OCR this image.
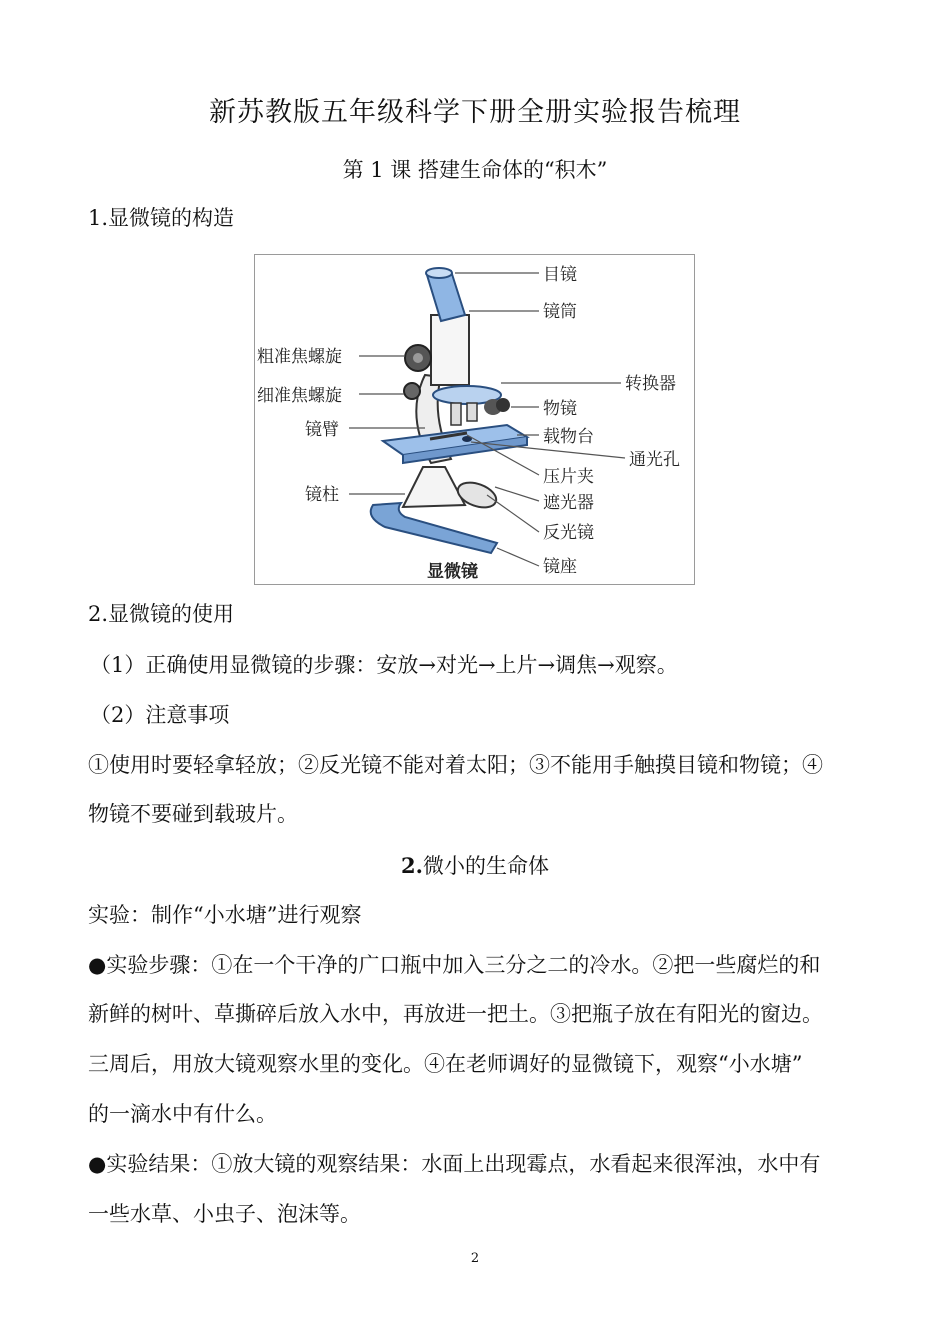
新苏教版五年级科学下册全册实验报告梳理
第 1 课 搭建生命体的“积木”
1.显微镜的构造
目镜
镜筒
粗准焦螺旋
细准焦螺旋
转换器
物镜
镜臂	载物台
通光孔
压片夹
镜柱	遮光器
反光镜
镜座
显微镜
2.显微镜的使用
（1）正确使用显微镜的步骤：安放→对光→上片→调焦→观察。
（2）注意事项
①使用时要轻拿轻放；②反光镜不能对着太阳；③不能用手触摸目镜和物镜；④
物镜不要碰到载玻片。
2.微小的生命体
实验：制作“小水塘”进行观察
●实验步骤：①在一个干净的广口瓶中加入三分之二的冷水。②把一些腐烂的和
新鲜的树叶、草撕碎后放入水中，再放进一把土。③把瓶子放在有阳光的窗边。
三周后，用放大镜观察水里的变化。④在老师调好的显微镜下，观察“小水塘”
的一滴水中有什么。
●实验结果：①放大镜的观察结果：水面上出现霉点，水看起来很浑浊，水中有
一些水草、小虫子、泡沫等。
2
